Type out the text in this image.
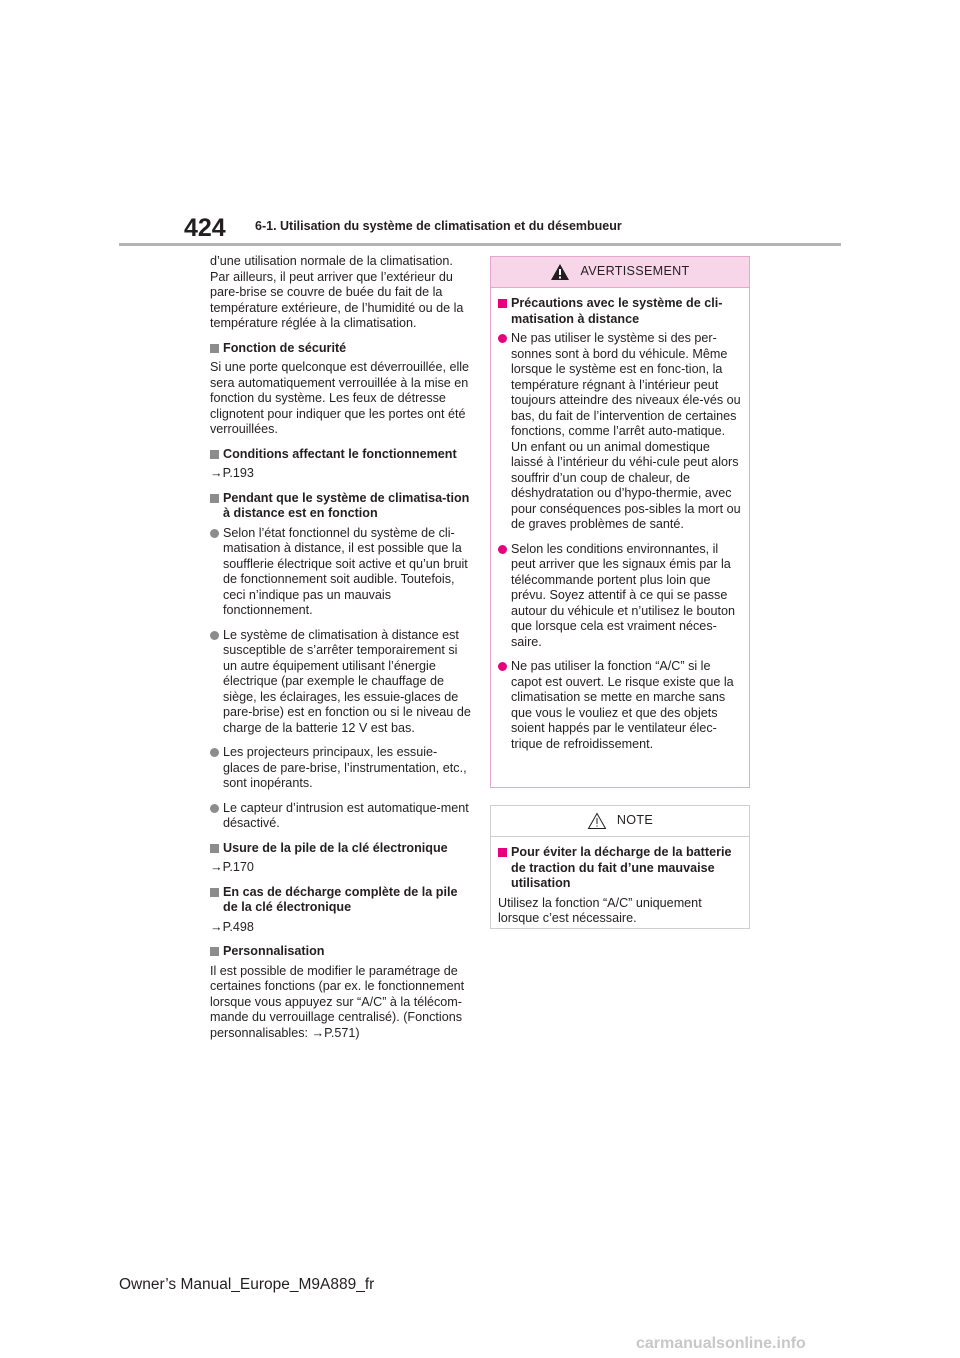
424 6-1. Utilisation du système de climatisation et du désembueur

d’une utilisation normale de la climatisation. Par ailleurs, il peut arriver que l’extérieur du pare-brise se couvre de buée du fait de la température extérieure, de l’humidité ou de la température réglée à la climatisation.

Fonction de sécurité

Si une porte quelconque est déverrouillée, elle sera automatiquement verrouillée à la mise en fonction du système. Les feux de détresse clignotent pour indiquer que les portes ont été verrouillées.

Conditions affectant le fonctionnement

→P.193

Pendant que le système de climatisa-tion à distance est en fonction
Selon l’état fonctionnel du système de cli-matisation à distance, il est possible que la soufflerie électrique soit active et qu’un bruit de fonctionnement soit audible. Toutefois, ceci n’indique pas un mauvais fonctionnement.
Le système de climatisation à distance est susceptible de s’arrêter temporairement si un autre équipement utilisant l’énergie électrique (par exemple le chauffage de siège, les éclairages, les essuie-glaces de pare-brise) est en fonction ou si le niveau de charge de la batterie 12 V est bas.
Les projecteurs principaux, les essuie-glaces de pare-brise, l’instrumentation, etc., sont inopérants.
Le capteur d’intrusion est automatique-ment désactivé.
Usure de la pile de la clé électronique

→P.170

En cas de décharge complète de la pile de la clé électronique

→P.498

Personnalisation

Il est possible de modifier le paramétrage de certaines fonctions (par ex. le fonctionnement lorsque vous appuyez sur “A/C” à la télécom-mande du verrouillage centralisé). (Fonctions personnalisables: →P.571)

AVERTISSEMENT
Précautions avec le système de cli-matisation à distance
Ne pas utiliser le système si des per-sonnes sont à bord du véhicule. Même lorsque le système est en fonc-tion, la température régnant à l’intérieur peut toujours atteindre des niveaux éle-vés ou bas, du fait de l’intervention de certaines fonctions, comme l’arrêt auto-matique. Un enfant ou un animal domestique laissé à l’intérieur du véhi-cule peut alors souffrir d’un coup de chaleur, de déshydratation ou d’hypo-thermie, avec pour conséquences pos-sibles la mort ou de graves problèmes de santé.
Selon les conditions environnantes, il peut arriver que les signaux émis par la télécommande portent plus loin que prévu. Soyez attentif à ce qui se passe autour du véhicule et n’utilisez le bouton que lorsque cela est vraiment néces-saire.
Ne pas utiliser la fonction “A/C” si le capot est ouvert. Le risque existe que la climatisation se mette en marche sans que vous le vouliez et que des objets soient happés par le ventilateur élec-trique de refroidissement.
NOTE
Pour éviter la décharge de la batterie de traction du fait d’une mauvaise utilisation

Utilisez la fonction “A/C” uniquement lorsque c’est nécessaire.

Owner’s Manual_Europe_M9A889_fr
carmanualsonline.info
